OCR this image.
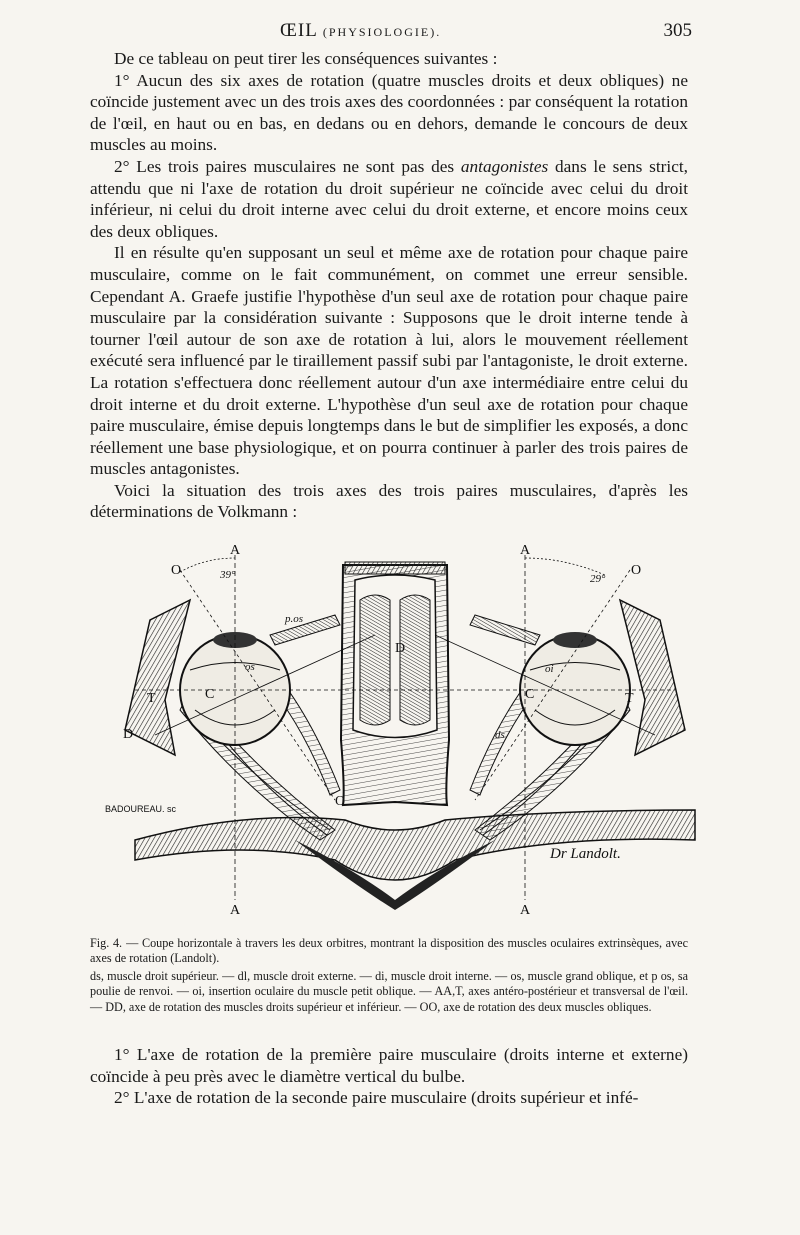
ŒIL (PHYSIOLOGIE).	305

De ce tableau on peut tirer les conséquences suivantes :

1° Aucun des six axes de rotation (quatre muscles droits et deux obliques) ne coïncide justement avec un des trois axes des coordonnées : par conséquent la rotation de l'œil, en haut ou en bas, en dedans ou en dehors, demande le concours de deux muscles au moins.

2° Les trois paires musculaires ne sont pas des antagonistes dans le sens strict, attendu que ni l'axe de rotation du droit supérieur ne coïncide avec celui du droit inférieur, ni celui du droit interne avec celui du droit externe, et encore moins ceux des deux obliques.

Il en résulte qu'en supposant un seul et même axe de rotation pour chaque paire musculaire, comme on le fait communément, on commet une erreur sensible. Cependant A. Graefe justifie l'hypothèse d'un seul axe de rotation pour chaque paire musculaire par la considération suivante : Supposons que le droit interne tende à tourner l'œil autour de son axe de rotation à lui, alors le mouvement réellement exécuté sera influencé par le tiraillement passif subi par l'antagoniste, le droit externe. La rotation s'effectuera donc réellement autour d'un axe intermédiaire entre celui du droit interne et du droit externe. L'hypothèse d'un seul axe de rotation pour chaque paire musculaire, émise depuis longtemps dans le but de simplifier les exposés, a donc réellement une base physiologique, et on pourra continuer à parler des trois paires de muscles antagonistes.

Voici la situation des trois axes des trois paires musculaires, d'après les déterminations de Volkmann :

A	A
A	A
O	O
39°	29°
p.os
os	oi
ds
T	T
D
D
C	C
O
BADOUREAU. sc
Dr Landolt.

Fig. 4. — Coupe horizontale à travers les deux orbitres, montrant la disposition des muscles oculaires extrinsèques, avec axes de rotation (Landolt).

ds, muscle droit supérieur. — dl, muscle droit externe. — di, muscle droit interne. — os, muscle grand oblique, et p os, sa poulie de renvoi. — oi, insertion oculaire du muscle petit oblique. — AA,T, axes antéro-postérieur et transversal de l'œil. — DD, axe de rotation des muscles droits supérieur et inférieur. — OO, axe de rotation des deux muscles obliques.

1° L'axe de rotation de la première paire musculaire (droits interne et externe) coïncide à peu près avec le diamètre vertical du bulbe.

2° L'axe de rotation de la seconde paire musculaire (droits supérieur et infé-
